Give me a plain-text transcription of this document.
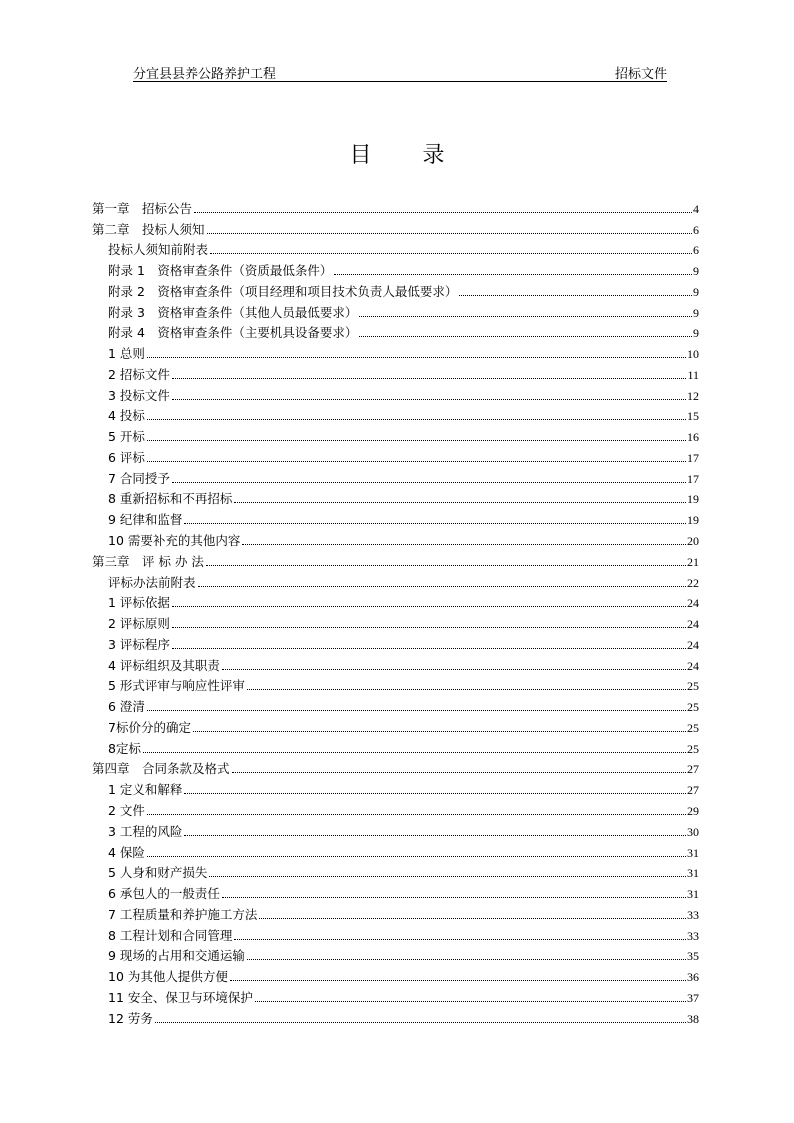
分宜县县养公路养护工程	招标文件
目 录
第一章　招标公告	4
第二章　投标人须知	6
投标人须知前附表	6
附录 1　资格审查条件（资质最低条件）	9
附录 2　资格审查条件（项目经理和项目技术负责人最低要求）	9
附录 3　资格审查条件（其他人员最低要求）	9
附录 4　资格审查条件（主要机具设备要求）	9
1 总则	10
2 招标文件	11
3 投标文件	12
4 投标	15
5 开标	16
6 评标	17
7 合同授予	17
8 重新招标和不再招标	19
9 纪律和监督	19
10 需要补充的其他内容	20
第三章　评 标 办 法	21
评标办法前附表	22
1 评标依据	24
2 评标原则	24
3 评标程序	24
4 评标组织及其职责	24
5 形式评审与响应性评审	25
6 澄清	25
7标价分的确定	25
8定标	25
第四章　合同条款及格式	27
1 定义和解释	27
2 文件	29
3 工程的风险	30
4 保险	31
5 人身和财产损失	31
6 承包人的一般责任	31
7 工程质量和养护施工方法	33
8 工程计划和合同管理	33
9 现场的占用和交通运输	35
10 为其他人提供方便	36
11 安全、保卫与环境保护	37
12 劳务	38
